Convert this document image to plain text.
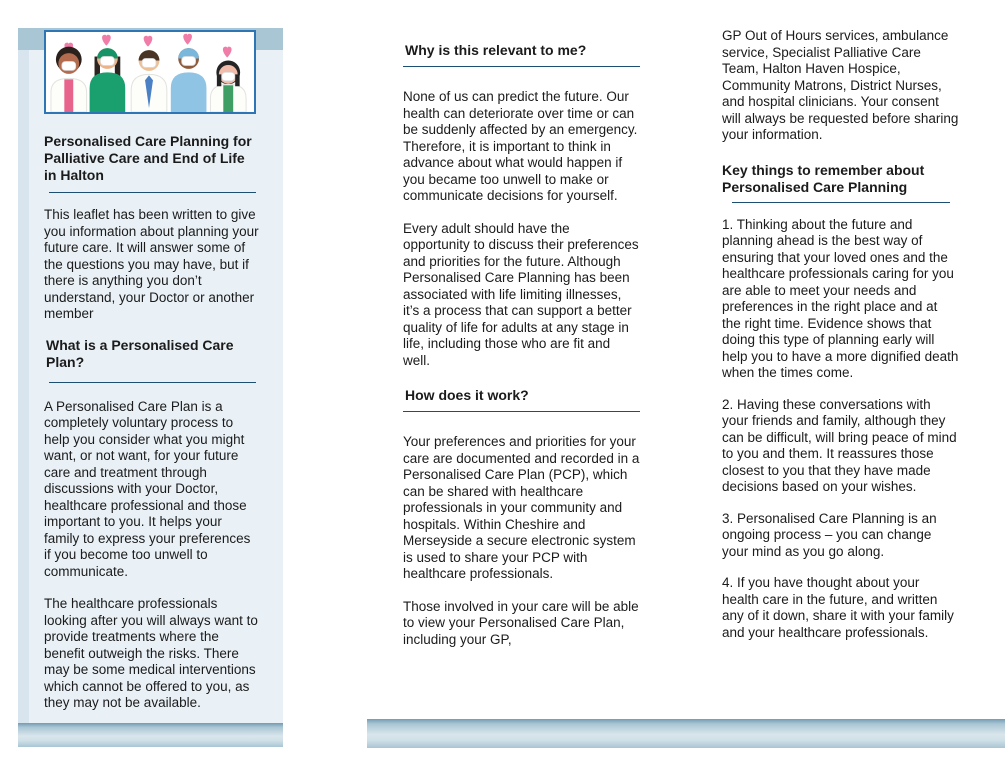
Personalised Care Planning for Palliative Care and End of Life in Halton

This leaflet has been written to give you information about planning your future care. It will answer some of the questions you may have, but if there is anything you don’t understand, your Doctor or another member

What is a Personalised Care Plan?

A Personalised Care Plan is a completely voluntary process to help you consider what you might want, or not want, for your future care and treatment through discussions with your Doctor, healthcare professional and those important to you. It helps your family to express your preferences if you become too unwell to communicate.

The healthcare professionals looking after you will always want to provide treatments where the benefit outweigh the risks. There may be some medical interventions which cannot be offered to you, as they may not be available.

Why is this relevant to me?

None of us can predict the future. Our health can deteriorate over time or can be suddenly affected by an emergency. Therefore, it is important to think in advance about what would happen if you became too unwell to make or communicate decisions for yourself.

Every adult should have the opportunity to discuss their preferences and priorities for the future. Although Personalised Care Planning has been associated with life limiting illnesses, it’s a process that can support a better quality of life for adults at any stage in life, including those who are fit and well.

How does it work?

Your preferences and priorities for your care are documented and recorded in a Personalised Care Plan (PCP), which can be shared with healthcare professionals in your community and hospitals. Within Cheshire and Merseyside a secure electronic system is used to share your PCP with healthcare professionals.

Those involved in your care will be able to view your Personalised Care Plan, including your GP,

GP Out of Hours services, ambulance service, Specialist Palliative Care Team, Halton Haven Hospice, Community Matrons, District Nurses, and hospital clinicians. Your consent will always be requested before sharing your information.

Key things to remember about Personalised Care Planning

1. Thinking about the future and planning ahead is the best way of ensuring that your loved ones and the healthcare professionals caring for you are able to meet your needs and preferences in the right place and at the right time. Evidence shows that doing this type of planning early will help you to have a more dignified death when the times come.

2. Having these conversations with your friends and family, although they can be difficult, will bring peace of mind to you and them. It reassures those closest to you that they have made decisions based on your wishes.

3. Personalised Care Planning is an ongoing process – you can change your mind as you go along.

4. If you have thought about your health care in the future, and written any of it down, share it with your family and your healthcare professionals.
